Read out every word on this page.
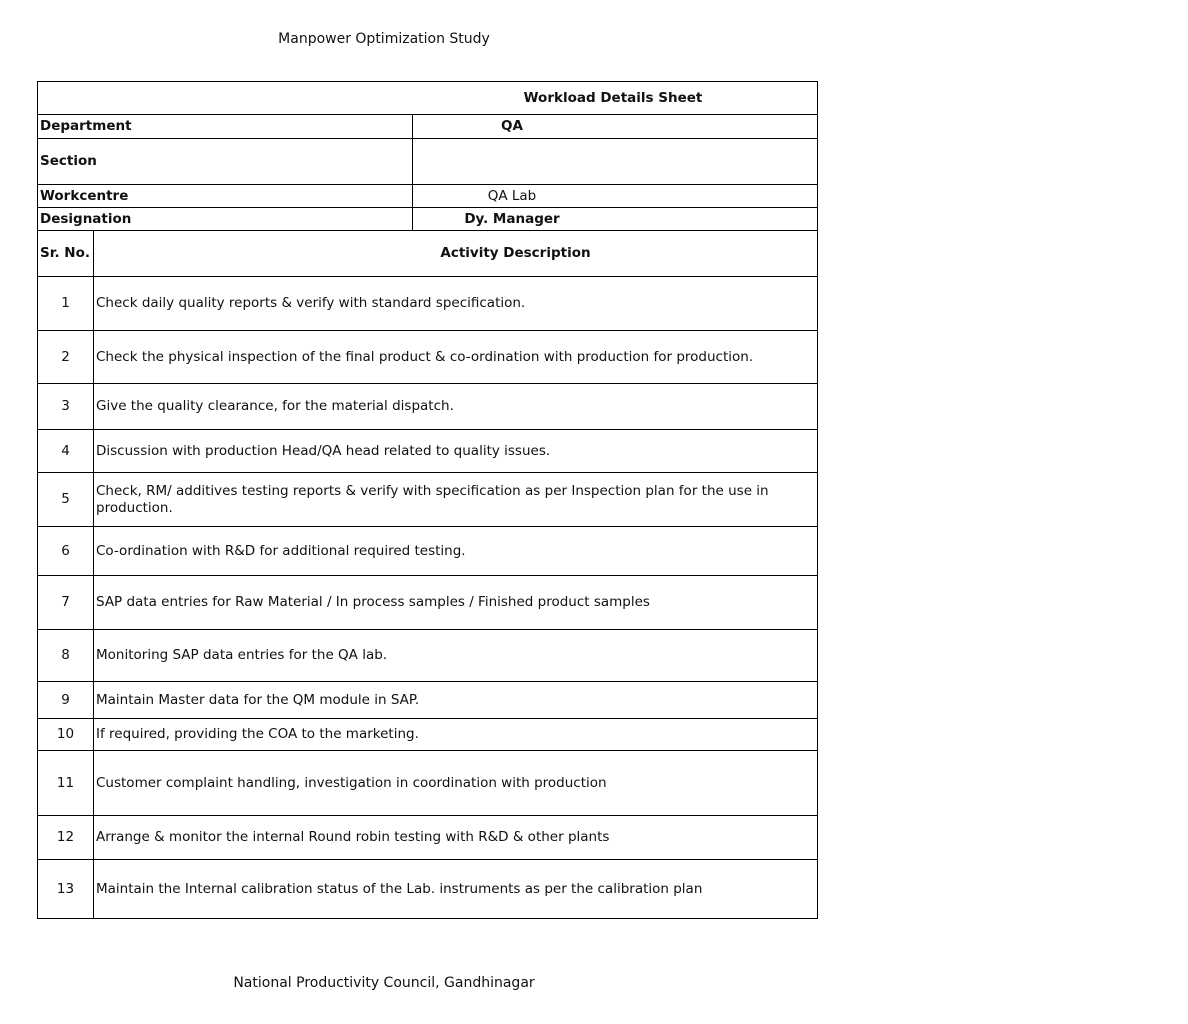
Manpower Optimization Study
Workload Details Sheet		

Department		QA

Section		
Workcentre		QA Lab

Designation		Dy. Manager

Sr. No.	Activity Description	

1	Check daily quality reports & verify with standard specification.	
2	Check the physical inspection of the final product & co-ordination with production for production.	
3	Give the quality clearance, for the material dispatch.	
4	Discussion with production Head/QA head related to quality issues.	
5	Check, RM/ additives testing reports & verify with specification as per Inspection plan for the use in production.	
6	Co-ordination with R&D for additional required testing.	
7	SAP data entries for Raw Material / In process samples / Finished product samples	
8	Monitoring SAP data entries for the QA lab.	
9	Maintain Master data for the QM module in SAP.	
10	If required, providing the COA to the marketing.	
11	Customer complaint handling, investigation in coordination with production	
12	Arrange & monitor the internal Round robin testing with R&D & other plants	
13	Maintain the Internal calibration status of the Lab. instruments as per the calibration plan	
National Productivity Council, Gandhinagar
